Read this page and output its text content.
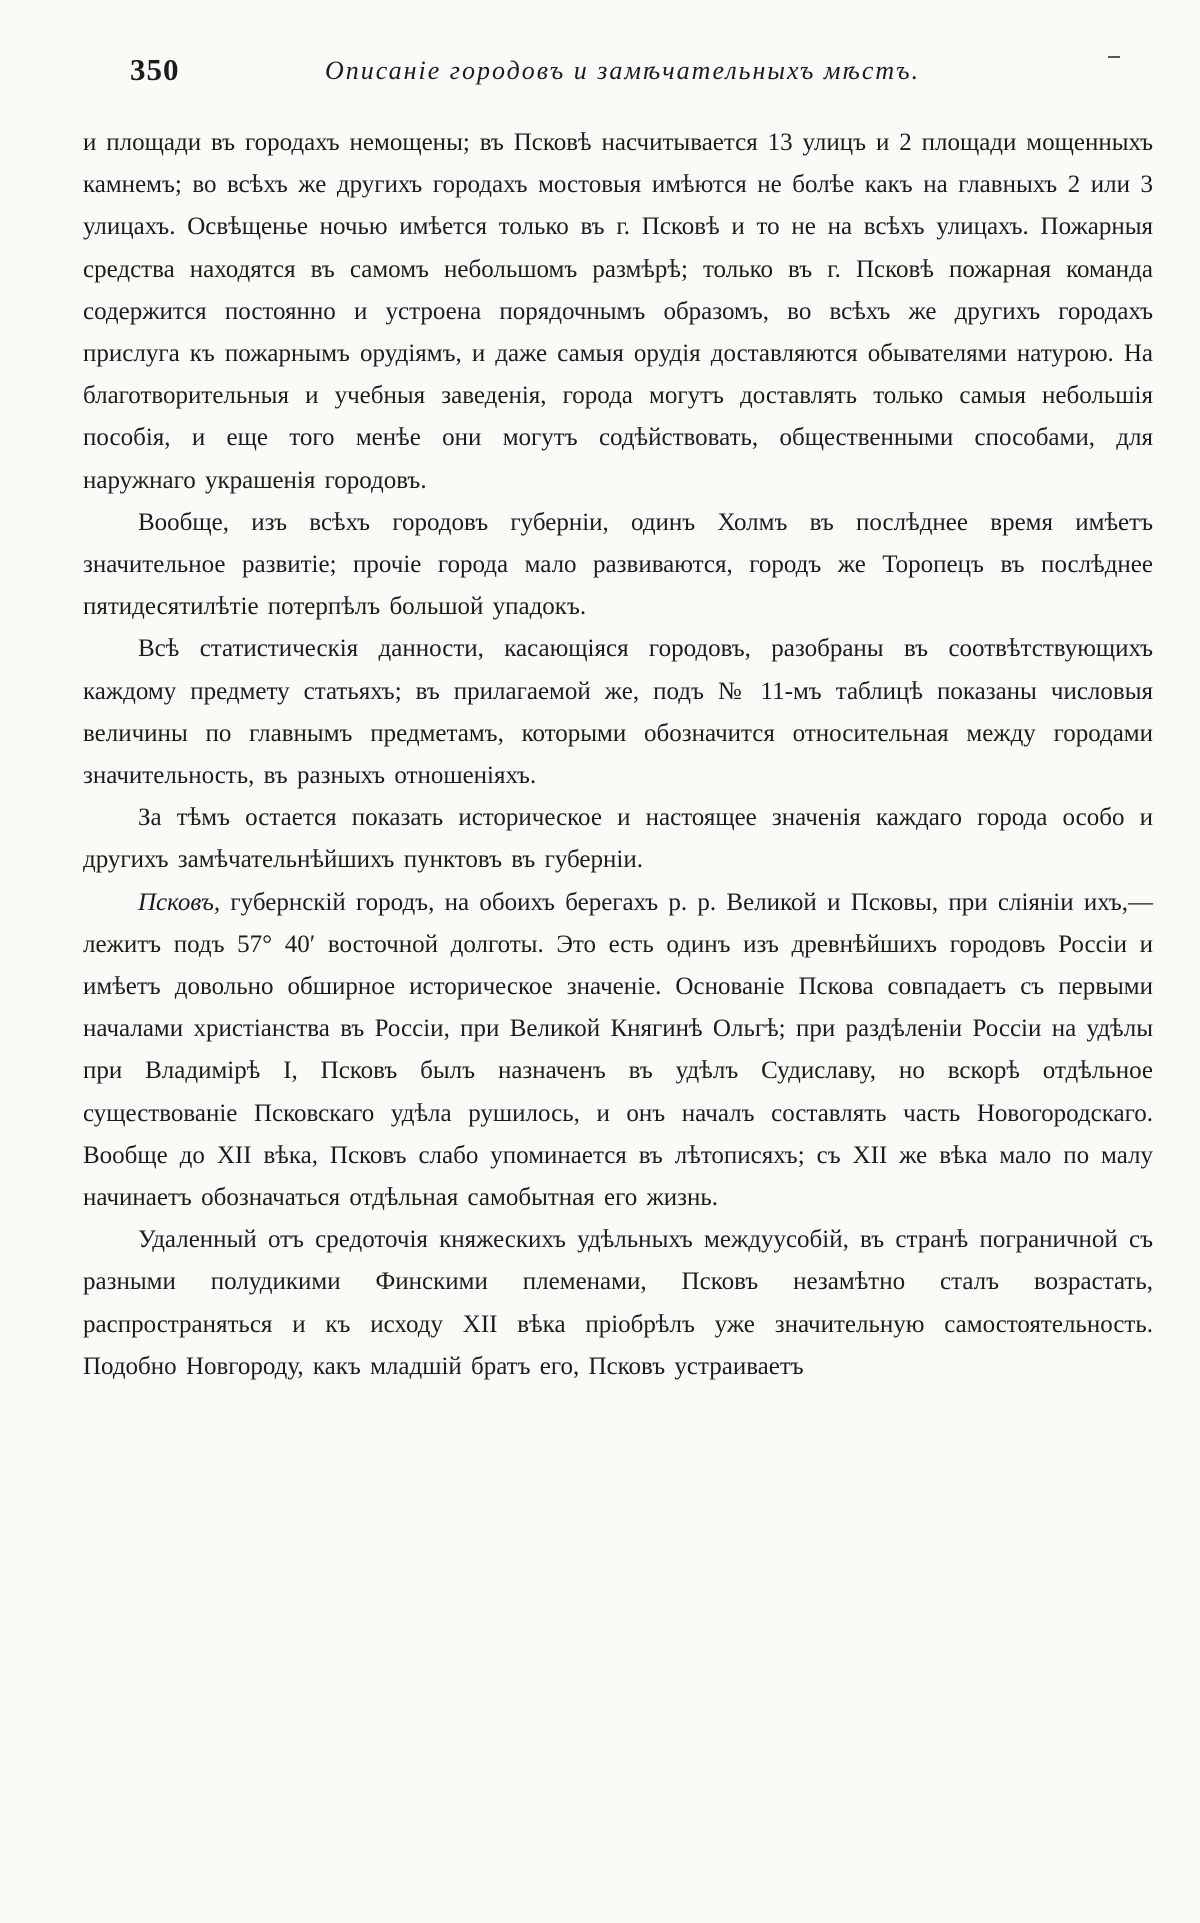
350	Описаніе городовъ и замѣчательныхъ мѣстъ.

и площади въ городахъ немощены; въ Псковѣ насчитывается 13 улицъ и 2 площади мощенныхъ камнемъ; во всѣхъ же другихъ городахъ мостовыя имѣются не болѣе какъ на главныхъ 2 или 3 улицахъ. Освѣщенье ночью имѣется только въ г. Псковѣ и то не на всѣхъ улицахъ. Пожарныя средства находятся въ самомъ небольшомъ размѣрѣ; только въ г. Псковѣ пожарная команда содержится постоянно и устроена порядочнымъ образомъ, во всѣхъ же другихъ городахъ прислуга къ пожарнымъ орудіямъ, и даже самыя орудія доставляются обывателями натурою. На благотворительныя и учебныя заведенія, города могутъ доставлять только самыя небольшія пособія, и еще того менѣе они могутъ содѣйствовать, общественными способами, для наружнаго украшенія городовъ.

Вообще, изъ всѣхъ городовъ губерніи, одинъ Холмъ въ послѣднее время имѣетъ значительное развитіе; прочіе города мало развиваются, городъ же Торопецъ въ послѣднее пятидесятилѣтіе потерпѣлъ большой упадокъ.

Всѣ статистическія данности, касающіяся городовъ, разобраны въ соотвѣтствующихъ каждому предмету статьяхъ; въ прилагаемой же, подъ № 11-мъ таблицѣ показаны числовыя величины по главнымъ предметамъ, которыми обозначится относительная между городами значительность, въ разныхъ отношеніяхъ.

За тѣмъ остается показать историческое и настоящее значенія каждаго города особо и другихъ замѣчательнѣйшихъ пунктовъ въ губерніи.

Псковъ, губернскій городъ, на обоихъ берегахъ р. р. Великой и Псковы, при сліяніи ихъ,—лежитъ подъ 57° 40′ восточной долготы. Это есть одинъ изъ древнѣйшихъ городовъ Россіи и имѣетъ довольно обширное историческое значеніе. Основаніе Пскова совпадаетъ съ первыми началами христіанства въ Россіи, при Великой Княгинѣ Ольгѣ; при раздѣленіи Россіи на удѣлы при Владимірѣ I, Псковъ былъ назначенъ въ удѣлъ Судиславу, но вскорѣ отдѣльное существованіе Псковскаго удѣла рушилось, и онъ началъ составлять часть Новогородскаго. Вообще до XII вѣка, Псковъ слабо упоминается въ лѣтописяхъ; съ XII же вѣка мало по малу начинаетъ обозначаться отдѣльная самобытная его жизнь.

Удаленный отъ средоточія княжескихъ удѣльныхъ междуусобій, въ странѣ пограничной съ разными полудикими Финскими племенами, Псковъ незамѣтно сталъ возрастать, распространяться и къ исходу XII вѣка пріобрѣлъ уже значительную самостоятельность. Подобно Новгороду, какъ младшій братъ его, Псковъ устраиваетъ
